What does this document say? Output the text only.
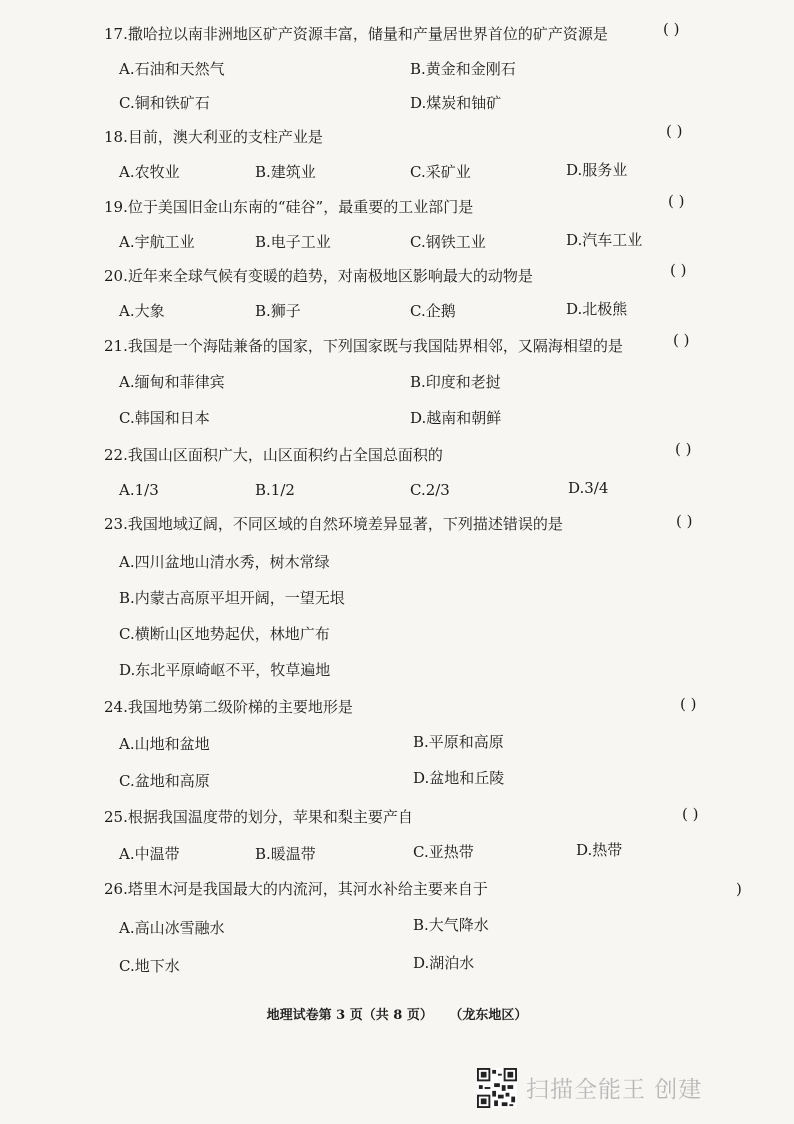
17.撒哈拉以南非洲地区矿产资源丰富，储量和产量居世界首位的矿产资源是	( )
A.石油和天然气	B.黄金和金刚石
C.铜和铁矿石	D.煤炭和铀矿
18.目前，澳大利亚的支柱产业是	( )
A.农牧业	B.建筑业	C.采矿业	D.服务业
19.位于美国旧金山东南的“硅谷”，最重要的工业部门是	( )
A.宇航工业	B.电子工业	C.钢铁工业	D.汽车工业
20.近年来全球气候有变暖的趋势，对南极地区影响最大的动物是	( )
A.大象	B.狮子	C.企鹅	D.北极熊
21.我国是一个海陆兼备的国家，下列国家既与我国陆界相邻，又隔海相望的是	( )
A.缅甸和菲律宾	B.印度和老挝
C.韩国和日本	D.越南和朝鲜
22.我国山区面积广大，山区面积约占全国总面积的	( )
A.1/3	B.1/2	C.2/3	D.3/4
23.我国地域辽阔，不同区域的自然环境差异显著，下列描述错误的是	( )
A.四川盆地山清水秀，树木常绿
B.内蒙古高原平坦开阔，一望无垠
C.横断山区地势起伏，林地广布
D.东北平原崎岖不平，牧草遍地
24.我国地势第二级阶梯的主要地形是	( )
A.山地和盆地	B.平原和高原
C.盆地和高原	D.盆地和丘陵
25.根据我国温度带的划分，苹果和梨主要产自	( )
A.中温带	B.暖温带	C.亚热带	D.热带
26.塔里木河是我国最大的内流河，其河水补给主要来自于	)
A.高山冰雪融水	B.大气降水
C.地下水	D.湖泊水
地理试卷第 3 页（共 8 页） （龙东地区）
扫描全能王 创建
